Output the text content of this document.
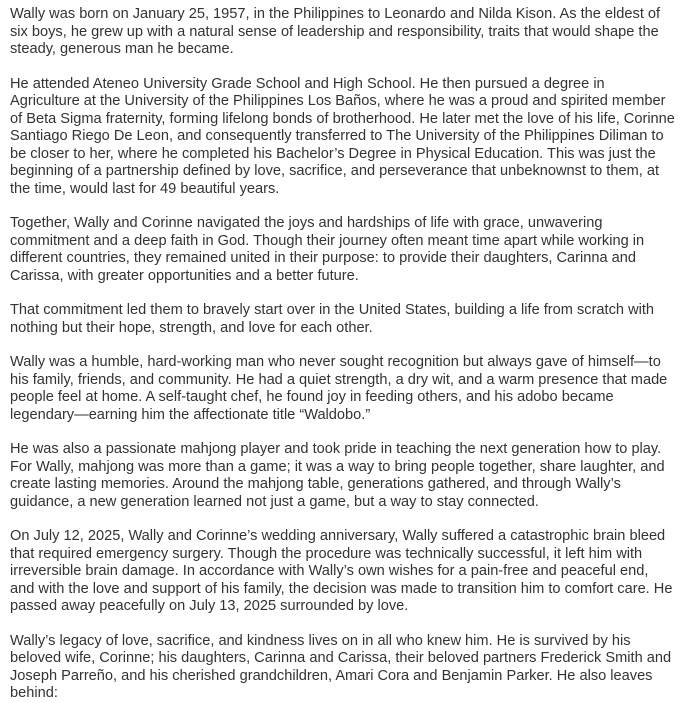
Wally was born on January 25, 1957, in the Philippines to Leonardo and Nilda Kison. As the eldest of six boys, he grew up with a natural sense of leadership and responsibility, traits that would shape the steady, generous man he became.

He attended Ateneo University Grade School and High School. He then pursued a degree in Agriculture at the University of the Philippines Los Baños, where he was a proud and spirited member of Beta Sigma fraternity, forming lifelong bonds of brotherhood. He later met the love of his life, Corinne Santiago Riego De Leon, and consequently transferred to The University of the Philippines Diliman to be closer to her, where he completed his Bachelor’s Degree in Physical Education. This was just the beginning of a partnership defined by love, sacrifice, and perseverance that unbeknownst to them, at the time, would last for 49 beautiful years.

Together, Wally and Corinne navigated the joys and hardships of life with grace, unwavering commitment and a deep faith in God. Though their journey often meant time apart while working in different countries, they remained united in their purpose: to provide their daughters, Carinna and Carissa, with greater opportunities and a better future.

That commitment led them to bravely start over in the United States, building a life from scratch with nothing but their hope, strength, and love for each other.

Wally was a humble, hard-working man who never sought recognition but always gave of himself—to his family, friends, and community. He had a quiet strength, a dry wit, and a warm presence that made people feel at home. A self-taught chef, he found joy in feeding others, and his adobo became legendary—earning him the affectionate title “Waldobo.”

He was also a passionate mahjong player and took pride in teaching the next generation how to play. For Wally, mahjong was more than a game; it was a way to bring people together, share laughter, and create lasting memories. Around the mahjong table, generations gathered, and through Wally’s guidance, a new generation learned not just a game, but a way to stay connected.

On July 12, 2025, Wally and Corinne’s wedding anniversary, Wally suffered a catastrophic brain bleed that required emergency surgery. Though the procedure was technically successful, it left him with irreversible brain damage. In accordance with Wally’s own wishes for a pain-free and peaceful end, and with the love and support of his family, the decision was made to transition him to comfort care. He passed away peacefully on July 13, 2025 surrounded by love.

Wally’s legacy of love, sacrifice, and kindness lives on in all who knew him. He is survived by his beloved wife, Corinne; his daughters, Carinna and Carissa, their beloved partners Frederick Smith and Joseph Parreño, and his cherished grandchildren, Amari Cora and Benjamin Parker. He also leaves behind:
